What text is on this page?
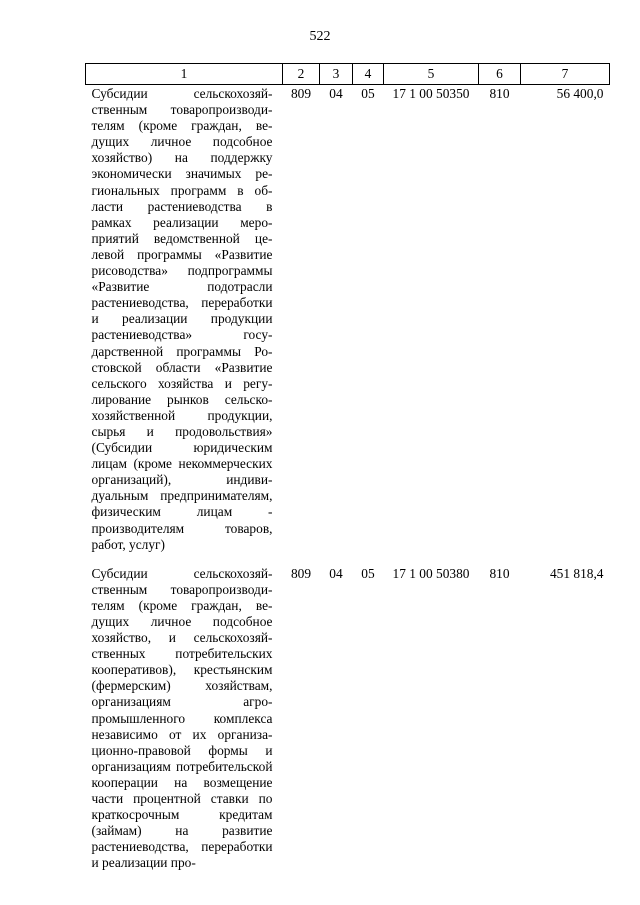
522
1	2	3	4	5	6	7
Субсидии сельскохозяйственным товаропроизводителям (кроме граждан, ведущих личное подсобное хозяйство) на поддержку экономически значимых региональных программ в области растениеводства в рамках реализации мероприятий ведомственной целевой программы «Развитие рисоводства» подпрограммы «Развитие подотрасли растениеводства, переработки и реализации продукции растениеводства» государственной программы Ростовской области «Развитие сельского хозяйства и регулирование рынков сельскохозяйственной продукции, сырья и продовольствия» (Субсидии юридическим лицам (кроме некоммерческих организаций), индивидуальным предпринимателям, физическим лицам - производителям товаров, работ, услуг)	809	04	05	17 1 00 50350	810	56 400,0
Субсидии сельскохозяйственным товаропроизводителям (кроме граждан, ведущих личное подсобное хозяйство, и сельскохозяйственных потребительских кооперативов), крестьянским (фермерским) хозяйствам, организациям агропромышленного комплекса независимо от их организационно-правовой формы и организациям потребительской кооперации на возмещение части процентной ставки по краткосрочным кредитам (займам) на развитие растениеводства, переработки и реализации про-	809	04	05	17 1 00 50380	810	451 818,4
